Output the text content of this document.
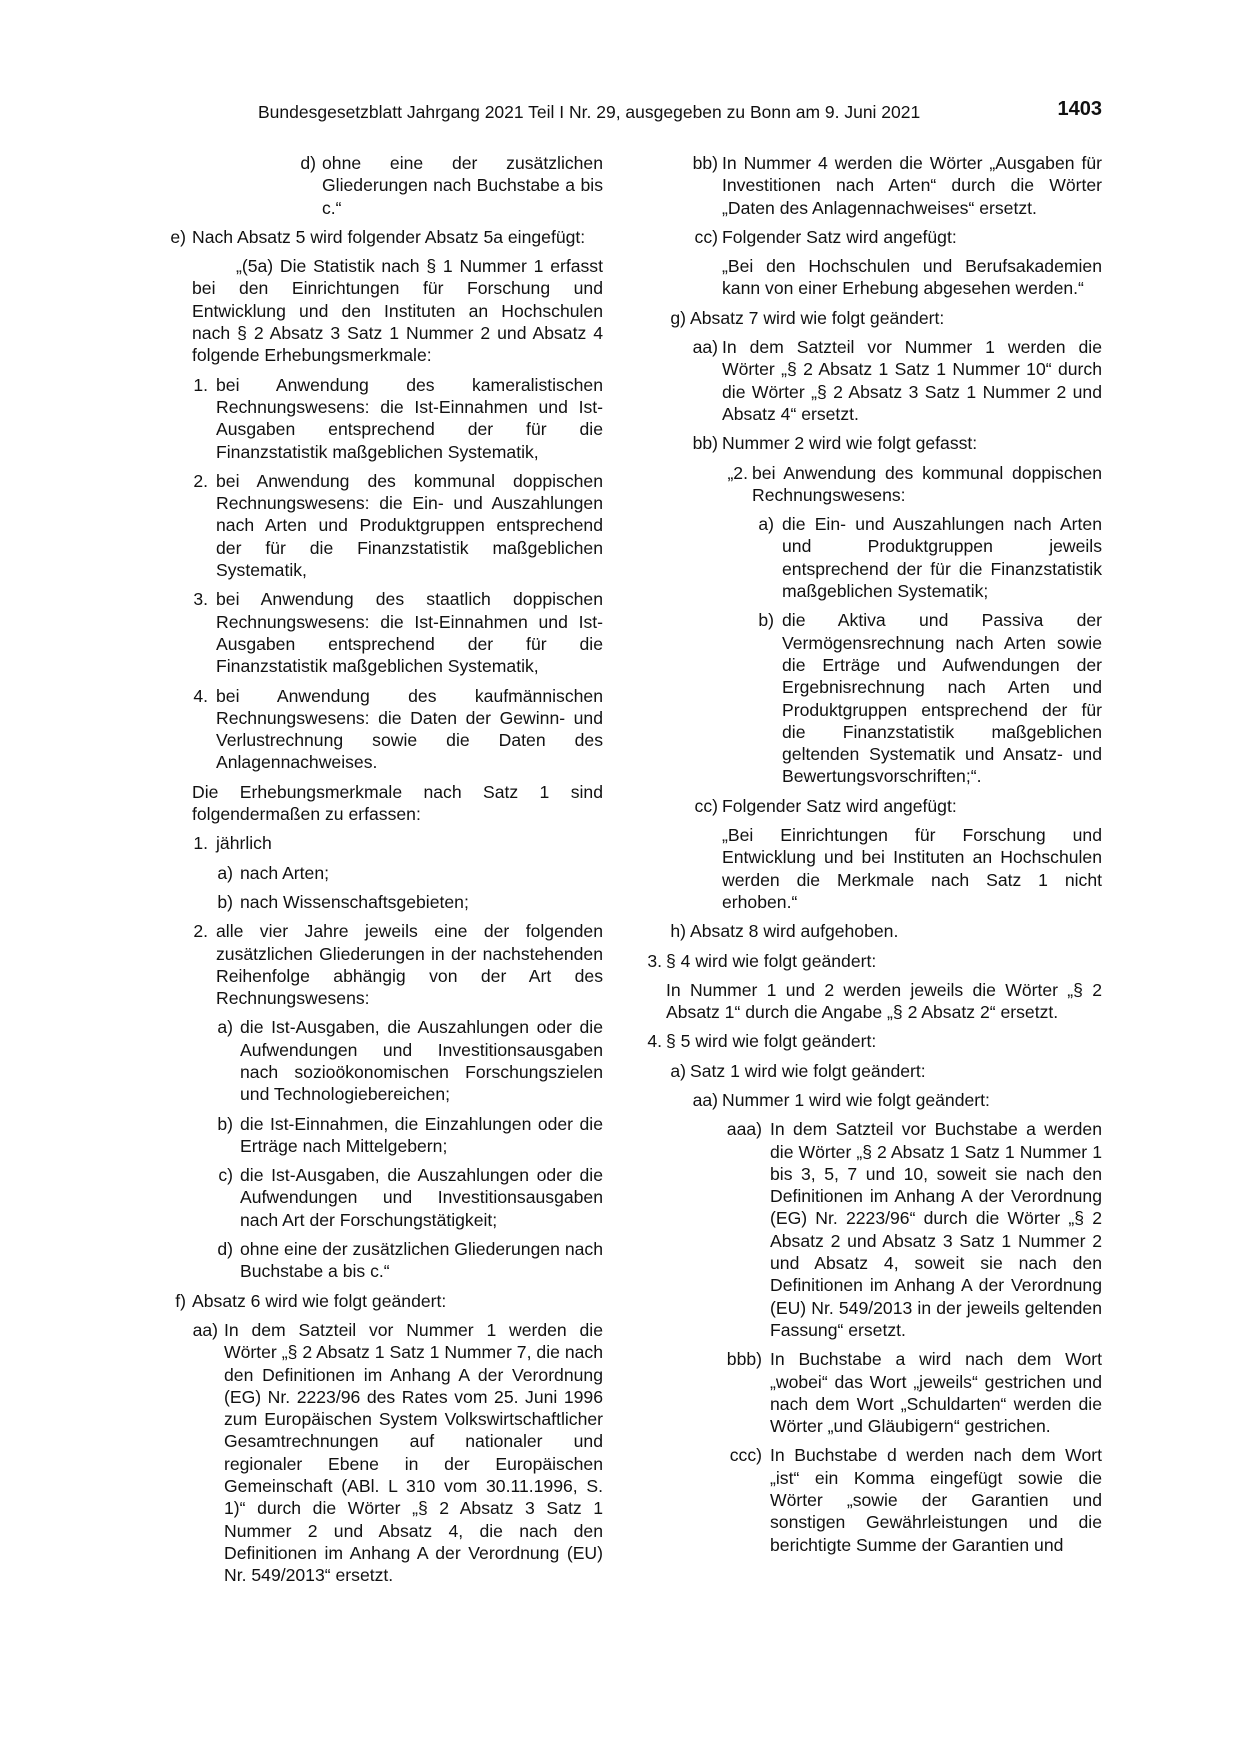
Bundesgesetzblatt Jahrgang 2021 Teil I Nr. 29, ausgegeben zu Bonn am 9. Juni 2021	1403
d) ohne eine der zusätzlichen Gliederungen nach Buchstabe a bis c.“
e) Nach Absatz 5 wird folgender Absatz 5a eingefügt:
„(5a) Die Statistik nach § 1 Nummer 1 erfasst bei den Einrichtungen für Forschung und Entwicklung und den Instituten an Hochschulen nach § 2 Absatz 3 Satz 1 Nummer 2 und Absatz 4 folgende Erhebungsmerkmale:
1. bei Anwendung des kameralistischen Rechnungswesens: die Ist-Einnahmen und Ist-Ausgaben entsprechend der für die Finanzstatistik maßgeblichen Systematik,
2. bei Anwendung des kommunal doppischen Rechnungswesens: die Ein- und Auszahlungen nach Arten und Produktgruppen entsprechend der für die Finanzstatistik maßgeblichen Systematik,
3. bei Anwendung des staatlich doppischen Rechnungswesens: die Ist-Einnahmen und Ist-Ausgaben entsprechend der für die Finanzstatistik maßgeblichen Systematik,
4. bei Anwendung des kaufmännischen Rechnungswesens: die Daten der Gewinn- und Verlustrechnung sowie die Daten des Anlagennachweises.
Die Erhebungsmerkmale nach Satz 1 sind folgendermaßen zu erfassen:
1. jährlich
a) nach Arten;
b) nach Wissenschaftsgebieten;
2. alle vier Jahre jeweils eine der folgenden zusätzlichen Gliederungen in der nachstehenden Reihenfolge abhängig von der Art des Rechnungswesens:
a) die Ist-Ausgaben, die Auszahlungen oder die Aufwendungen und Investitionsausgaben nach sozioökonomischen Forschungszielen und Technologiebereichen;
b) die Ist-Einnahmen, die Einzahlungen oder die Erträge nach Mittelgebern;
c) die Ist-Ausgaben, die Auszahlungen oder die Aufwendungen und Investitionsausgaben nach Art der Forschungstätigkeit;
d) ohne eine der zusätzlichen Gliederungen nach Buchstabe a bis c.“
f) Absatz 6 wird wie folgt geändert:
aa) In dem Satzteil vor Nummer 1 werden die Wörter „§ 2 Absatz 1 Satz 1 Nummer 7, die nach den Definitionen im Anhang A der Verordnung (EG) Nr. 2223/96 des Rates vom 25. Juni 1996 zum Europäischen System Volkswirtschaftlicher Gesamtrechnungen auf nationaler und regionaler Ebene in der Europäischen Gemeinschaft (ABl. L 310 vom 30.11.1996, S. 1)“ durch die Wörter „§ 2 Absatz 3 Satz 1 Nummer 2 und Absatz 4, die nach den Definitionen im Anhang A der Verordnung (EU) Nr. 549/2013“ ersetzt.
bb) In Nummer 4 werden die Wörter „Ausgaben für Investitionen nach Arten“ durch die Wörter „Daten des Anlagennachweises“ ersetzt.
cc) Folgender Satz wird angefügt:
„Bei den Hochschulen und Berufsakademien kann von einer Erhebung abgesehen werden.“
g) Absatz 7 wird wie folgt geändert:
aa) In dem Satzteil vor Nummer 1 werden die Wörter „§ 2 Absatz 1 Satz 1 Nummer 10“ durch die Wörter „§ 2 Absatz 3 Satz 1 Nummer 2 und Absatz 4“ ersetzt.
bb) Nummer 2 wird wie folgt gefasst:
„2. bei Anwendung des kommunal doppischen Rechnungswesens:
a) die Ein- und Auszahlungen nach Arten und Produktgruppen jeweils entsprechend der für die Finanzstatistik maßgeblichen Systematik;
b) die Aktiva und Passiva der Vermögensrechnung nach Arten sowie die Erträge und Aufwendungen der Ergebnisrechnung nach Arten und Produktgruppen entsprechend der für die Finanzstatistik maßgeblichen geltenden Systematik und Ansatz- und Bewertungsvorschriften;“.
cc) Folgender Satz wird angefügt:
„Bei Einrichtungen für Forschung und Entwicklung und bei Instituten an Hochschulen werden die Merkmale nach Satz 1 nicht erhoben.“
h) Absatz 8 wird aufgehoben.
3. § 4 wird wie folgt geändert:
In Nummer 1 und 2 werden jeweils die Wörter „§ 2 Absatz 1“ durch die Angabe „§ 2 Absatz 2“ ersetzt.
4. § 5 wird wie folgt geändert:
a) Satz 1 wird wie folgt geändert:
aa) Nummer 1 wird wie folgt geändert:
aaa) In dem Satzteil vor Buchstabe a werden die Wörter „§ 2 Absatz 1 Satz 1 Nummer 1 bis 3, 5, 7 und 10, soweit sie nach den Definitionen im Anhang A der Verordnung (EG) Nr. 2223/96“ durch die Wörter „§ 2 Absatz 2 und Absatz 3 Satz 1 Nummer 2 und Absatz 4, soweit sie nach den Definitionen im Anhang A der Verordnung (EU) Nr. 549/2013 in der jeweils geltenden Fassung“ ersetzt.
bbb) In Buchstabe a wird nach dem Wort „wobei“ das Wort „jeweils“ gestrichen und nach dem Wort „Schuldarten“ werden die Wörter „und Gläubigern“ gestrichen.
ccc) In Buchstabe d werden nach dem Wort „ist“ ein Komma eingefügt sowie die Wörter „sowie der Garantien und sonstigen Gewährleistungen und die berichtigte Summe der Garantien und
